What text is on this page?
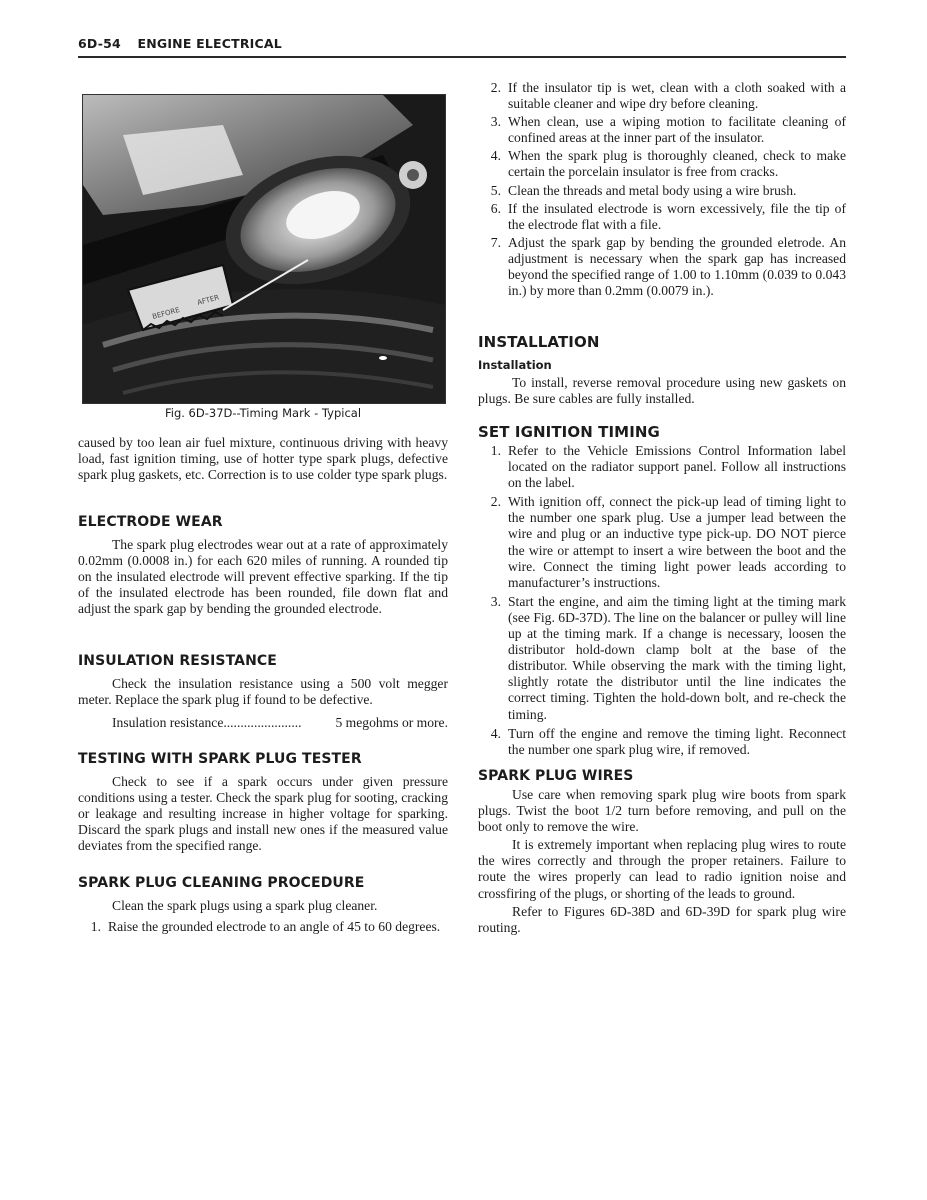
6D-54 ENGINE ELECTRICAL
BEFORE
AFTER
Fig. 6D-37D--Timing Mark - Typical

caused by too lean air fuel mixture, continuous driving with heavy load, fast ignition timing, use of hotter type spark plugs, defective spark plug gaskets, etc. Correction is to use colder type spark plugs.

ELECTRODE WEAR

The spark plug electrodes wear out at a rate of approximately 0.02mm (0.0008 in.) for each 620 miles of running. A rounded tip on the insulated electrode will prevent effective sparking. If the tip of the insulated electrode has been rounded, file down flat and adjust the spark gap by bending the grounded electrode.

INSULATION RESISTANCE

Check the insulation resistance using a 500 volt megger meter. Replace the spark plug if found to be defective.

Insulation resistance .......................	5 megohms or more.
TESTING WITH SPARK PLUG TESTER

Check to see if a spark occurs under given pressure conditions using a tester. Check the spark plug for sooting, cracking or leakage and resulting increase in higher voltage for sparking. Discard the spark plugs and install new ones if the measured value deviates from the specified range.

SPARK PLUG CLEANING PROCEDURE

Clean the spark plugs using a spark plug cleaner.

1. Raise the grounded electrode to an angle of 45 to 60 degrees.
2. If the insulator tip is wet, clean with a cloth soaked with a suitable cleaner and wipe dry before cleaning.
3. When clean, use a wiping motion to facilitate cleaning of confined areas at the inner part of the insulator.
4. When the spark plug is thoroughly cleaned, check to make certain the porcelain insulator is free from cracks.
5. Clean the threads and metal body using a wire brush.
6. If the insulated electrode is worn excessively, file the tip of the electrode flat with a file.
7. Adjust the spark gap by bending the grounded eletrode. An adjustment is necessary when the spark gap has increased beyond the specified range of 1.00 to 1.10mm (0.039 to 0.043 in.) by more than 0.2mm (0.0079 in.).
INSTALLATION
Installation

To install, reverse removal procedure using new gaskets on plugs. Be sure cables are fully installed.

SET IGNITION TIMING
1. Refer to the Vehicle Emissions Control Information label located on the radiator support panel. Follow all instructions on the label.
2. With ignition off, connect the pick-up lead of timing light to the number one spark plug. Use a jumper lead between the wire and plug or an inductive type pick-up. DO NOT pierce the wire or attempt to insert a wire between the boot and the wire. Connect the timing light power leads according to manufacturer’s instructions.
3. Start the engine, and aim the timing light at the timing mark (see Fig. 6D-37D). The line on the balancer or pulley will line up at the timing mark. If a change is necessary, loosen the distributor hold-down clamp bolt at the base of the distributor. While observing the mark with the timing light, slightly rotate the distributor until the line indicates the correct timing. Tighten the hold-down bolt, and re-check the timing.
4. Turn off the engine and remove the timing light. Reconnect the number one spark plug wire, if removed.
SPARK PLUG WIRES

Use care when removing spark plug wire boots from spark plugs. Twist the boot 1/2 turn before removing, and pull on the boot only to remove the wire.

It is extremely important when replacing plug wires to route the wires correctly and through the proper retainers. Failure to route the wires properly can lead to radio ignition noise and crossfiring of the plugs, or shorting of the leads to ground.

Refer to Figures 6D-38D and 6D-39D for spark plug wire routing.
